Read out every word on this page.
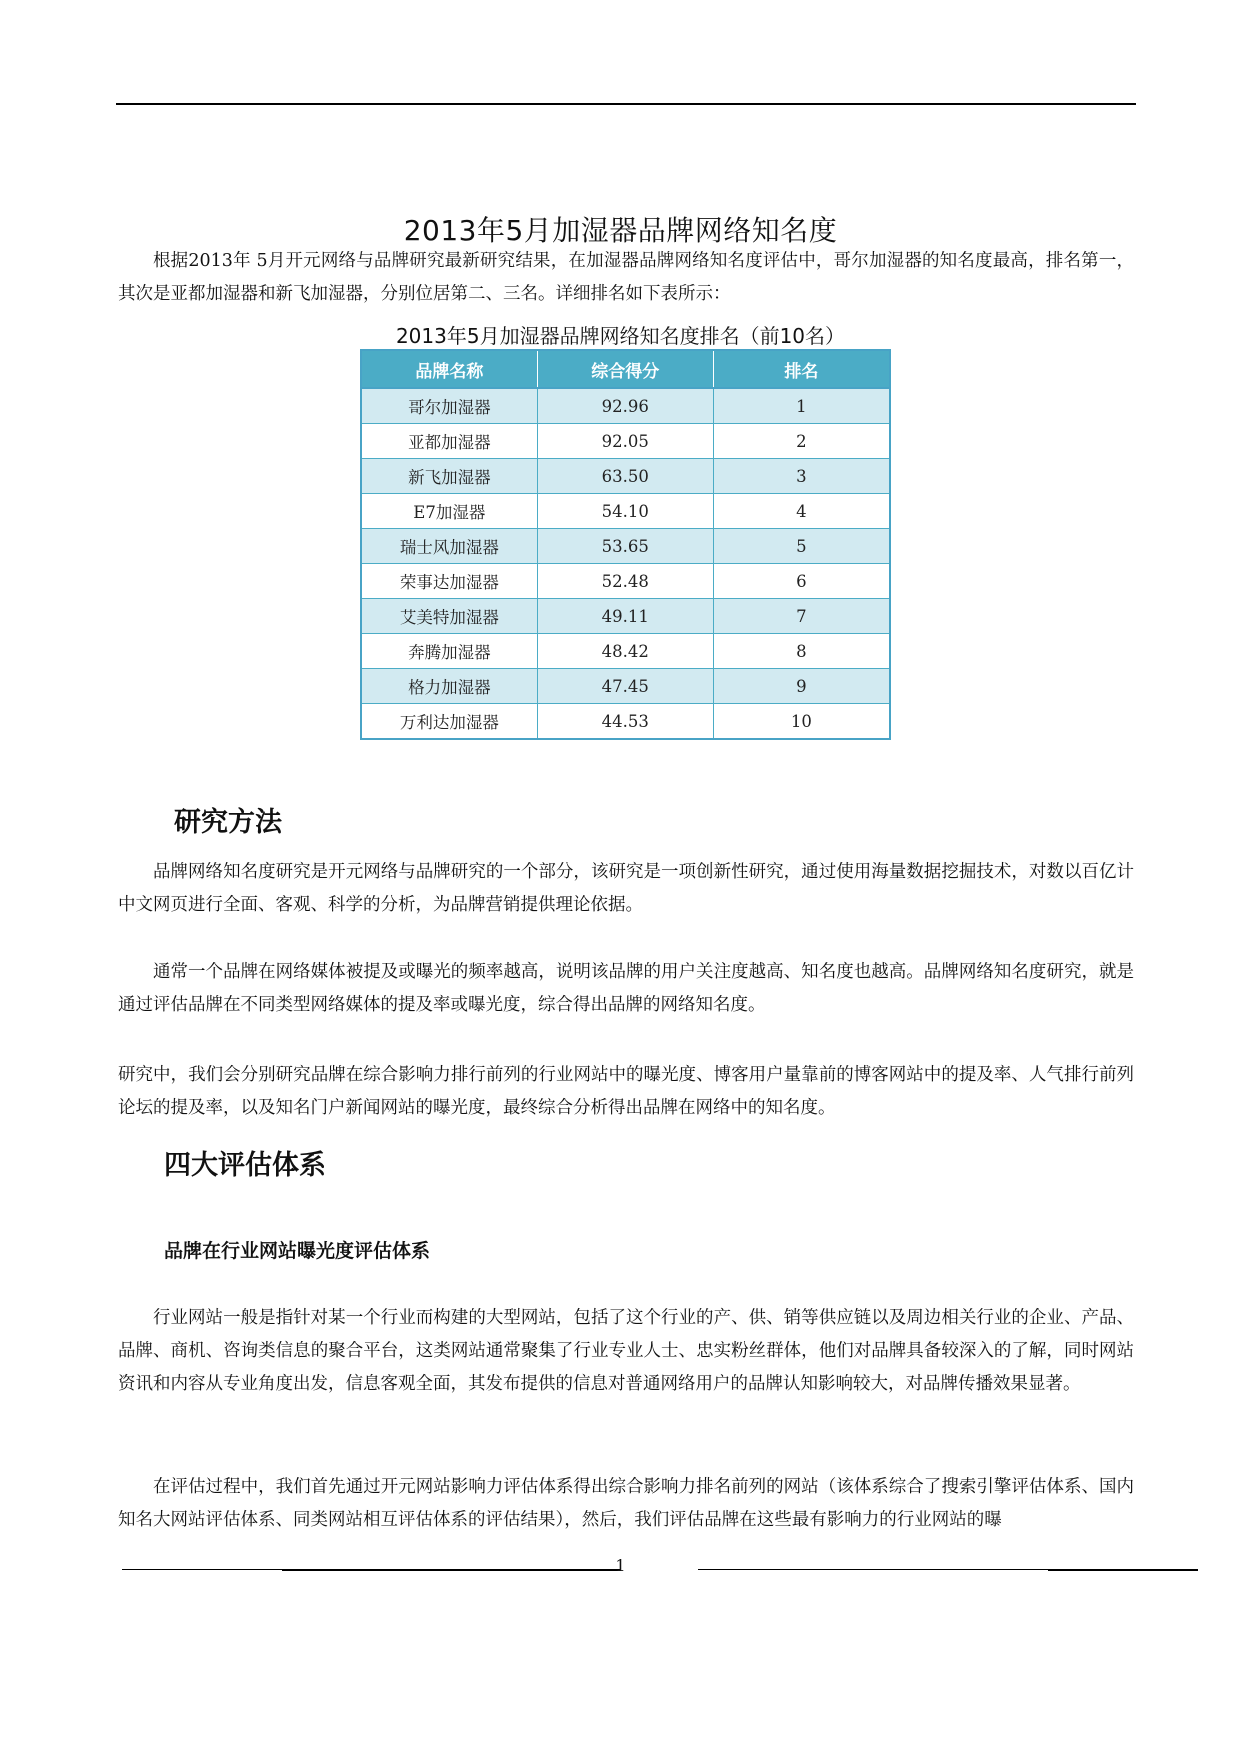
2013年5月加湿器品牌网络知名度

根据2013年 5月开元网络与品牌研究最新研究结果，在加湿器品牌网络知名度评估中，哥尔加湿器的知名度最高，排名第一，其次是亚都加湿器和新飞加湿器，分别位居第二、三名。详细排名如下表所示：

2013年5月加湿器品牌网络知名度排名（前10名）
品牌名称	综合得分	排名
哥尔加湿器	92.96	1
亚都加湿器	92.05	2
新飞加湿器	63.50	3
E7加湿器	54.10	4
瑞士风加湿器	53.65	5
荣事达加湿器	52.48	6
艾美特加湿器	49.11	7
奔腾加湿器	48.42	8
格力加湿器	47.45	9
万利达加湿器	44.53	10
研究方法

品牌网络知名度研究是开元网络与品牌研究的一个部分，该研究是一项创新性研究，通过使用海量数据挖掘技术，对数以百亿计中文网页进行全面、客观、科学的分析，为品牌营销提供理论依据。

通常一个品牌在网络媒体被提及或曝光的频率越高，说明该品牌的用户关注度越高、知名度也越高。品牌网络知名度研究，就是通过评估品牌在不同类型网络媒体的提及率或曝光度，综合得出品牌的网络知名度。

研究中，我们会分别研究品牌在综合影响力排行前列的行业网站中的曝光度、博客用户量靠前的博客网站中的提及率、人气排行前列论坛的提及率，以及知名门户新闻网站的曝光度，最终综合分析得出品牌在网络中的知名度。

四大评估体系
品牌在行业网站曝光度评估体系

行业网站一般是指针对某一个行业而构建的大型网站，包括了这个行业的产、供、销等供应链以及周边相关行业的企业、产品、品牌、商机、咨询类信息的聚合平台，这类网站通常聚集了行业专业人士、忠实粉丝群体，他们对品牌具备较深入的了解，同时网站资讯和内容从专业角度出发，信息客观全面，其发布提供的信息对普通网络用户的品牌认知影响较大，对品牌传播效果显著。

在评估过程中，我们首先通过开元网站影响力评估体系得出综合影响力排名前列的网站（该体系综合了搜索引擎评估体系、国内知名大网站评估体系、同类网站相互评估体系的评估结果），然后，我们评估品牌在这些最有影响力的行业网站的曝

1
